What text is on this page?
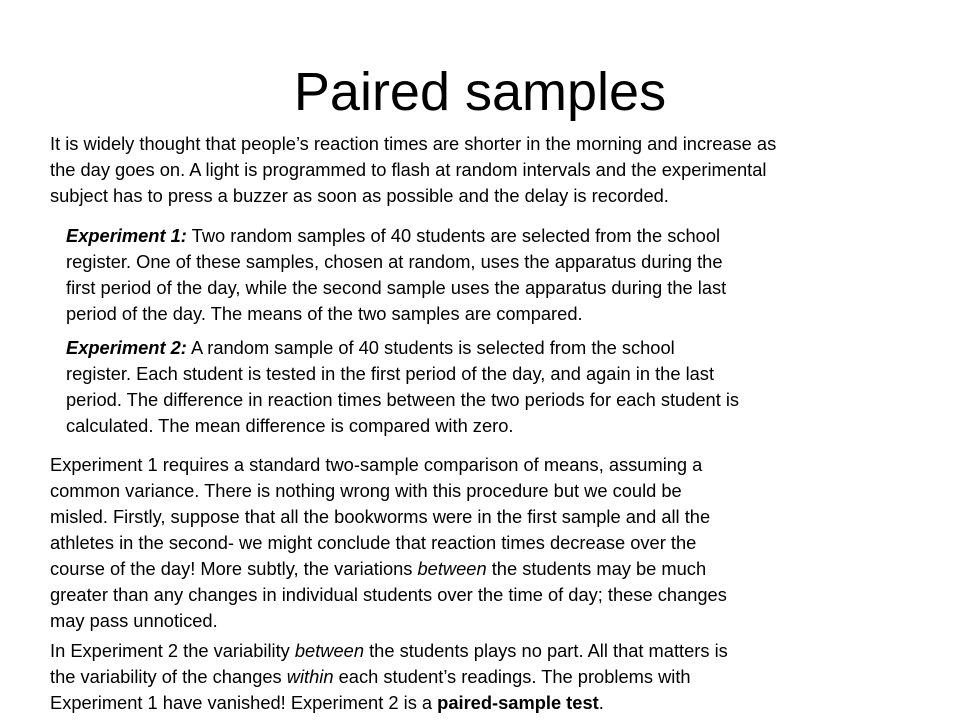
Paired samples

It is widely thought that people’s reaction times are shorter in the morning and increase as
the day goes on. A light is programmed to flash at random intervals and the experimental
subject has to press a buzzer as soon as possible and the delay is recorded.

Experiment 1: Two random samples of 40 students are selected from the school
register. One of these samples, chosen at random, uses the apparatus during the
first period of the day, while the second sample uses the apparatus during the last
period of the day. The means of the two samples are compared.

Experiment 2: A random sample of 40 students is selected from the school
register. Each student is tested in the first period of the day, and again in the last
period. The difference in reaction times between the two periods for each student is
calculated. The mean difference is compared with zero.

Experiment 1 requires a standard two-sample comparison of means, assuming a
common variance. There is nothing wrong with this procedure but we could be
misled. Firstly, suppose that all the bookworms were in the first sample and all the
athletes in the second- we might conclude that reaction times decrease over the
course of the day! More subtly, the variations between the students may be much
greater than any changes in individual students over the time of day; these changes
may pass unnoticed.

In Experiment 2 the variability between the students plays no part. All that matters is
the variability of the changes within each student’s readings. The problems with
Experiment 1 have vanished! Experiment 2 is a paired-sample test.
